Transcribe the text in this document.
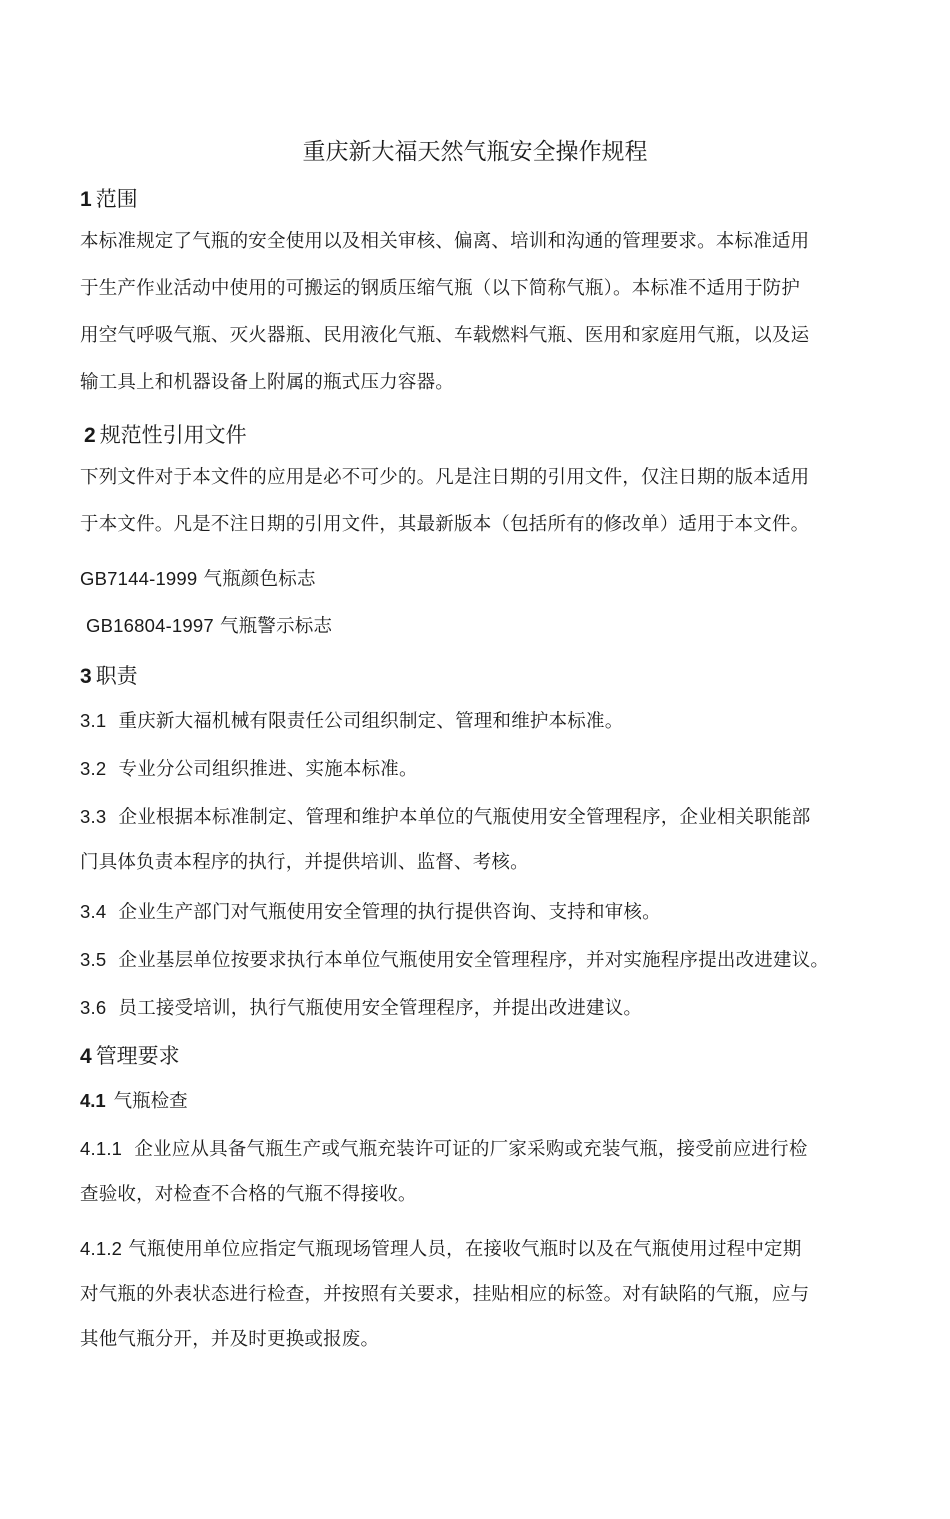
重庆新大福天然气瓶安全操作规程
1 范围
本标准规定了气瓶的安全使用以及相关审核、偏离、培训和沟通的管理要求。本标准适用
于生产作业活动中使用的可搬运的钢质压缩气瓶（以下简称气瓶）。本标准不适用于防护
用空气呼吸气瓶、灭火器瓶、民用液化气瓶、车载燃料气瓶、医用和家庭用气瓶，以及运
输工具上和机器设备上附属的瓶式压力容器。
2 规范性引用文件
下列文件对于本文件的应用是必不可少的。凡是注日期的引用文件，仅注日期的版本适用
于本文件。凡是不注日期的引用文件，其最新版本（包括所有的修改单）适用于本文件。
GB7144-1999 气瓶颜色标志
GB16804-1997 气瓶警示标志
3 职责
3.1 重庆新大福机械有限责任公司组织制定、管理和维护本标准。
3.2 专业分公司组织推进、实施本标准。
3.3 企业根据本标准制定、管理和维护本单位的气瓶使用安全管理程序，企业相关职能部
门具体负责本程序的执行，并提供培训、监督、考核。
3.4 企业生产部门对气瓶使用安全管理的执行提供咨询、支持和审核。
3.5 企业基层单位按要求执行本单位气瓶使用安全管理程序，并对实施程序提出改进建议。
3.6 员工接受培训，执行气瓶使用安全管理程序，并提出改进建议。
4 管理要求
4.1 气瓶检查
4.1.1 企业应从具备气瓶生产或气瓶充装许可证的厂家采购或充装气瓶，接受前应进行检
查验收，对检查不合格的气瓶不得接收。
4.1.2 气瓶使用单位应指定气瓶现场管理人员，在接收气瓶时以及在气瓶使用过程中定期
对气瓶的外表状态进行检查，并按照有关要求，挂贴相应的标签。对有缺陷的气瓶，应与
其他气瓶分开，并及时更换或报废。
